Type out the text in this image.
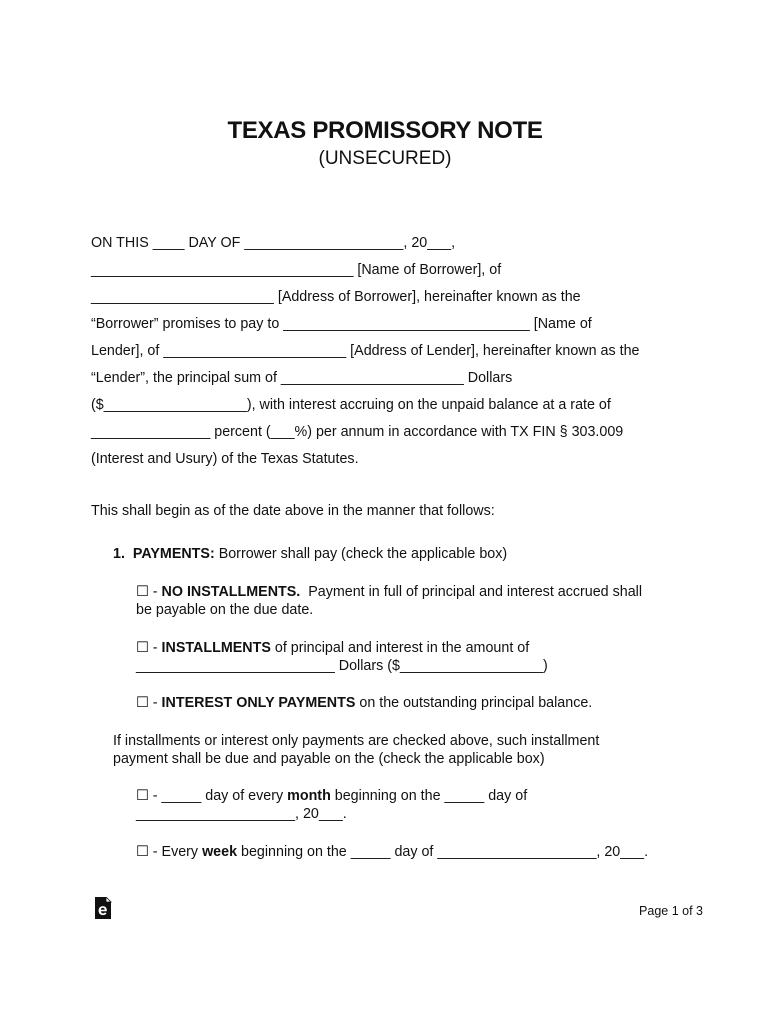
TEXAS PROMISSORY NOTE
(UNSECURED)
ON THIS ____ DAY OF ____________________, 20___,
_________________________________ [Name of Borrower], of
_______________________ [Address of Borrower], hereinafter known as the
“Borrower” promises to pay to _______________________________ [Name of
Lender], of _______________________ [Address of Lender], hereinafter known as the
“Lender”, the principal sum of _______________________ Dollars
($__________________), with interest accruing on the unpaid balance at a rate of
_______________ percent (___%) per annum in accordance with TX FIN § 303.009
(Interest and Usury) of the Texas Statutes.
This shall begin as of the date above in the manner that follows:
1. PAYMENTS: Borrower shall pay (check the applicable box)
☐ - NO INSTALLMENTS.  Payment in full of principal and interest accrued shall
be payable on the due date.
☐ - INSTALLMENTS of principal and interest in the amount of
_________________________ Dollars ($__________________)
☐ - INTEREST ONLY PAYMENTS on the outstanding principal balance.
If installments or interest only payments are checked above, such installment
payment shall be due and payable on the (check the applicable box)
☐ - _____ day of every month beginning on the _____ day of
____________________, 20___.
☐ - Every week beginning on the _____ day of ____________________, 20___.
Page 1 of 3
